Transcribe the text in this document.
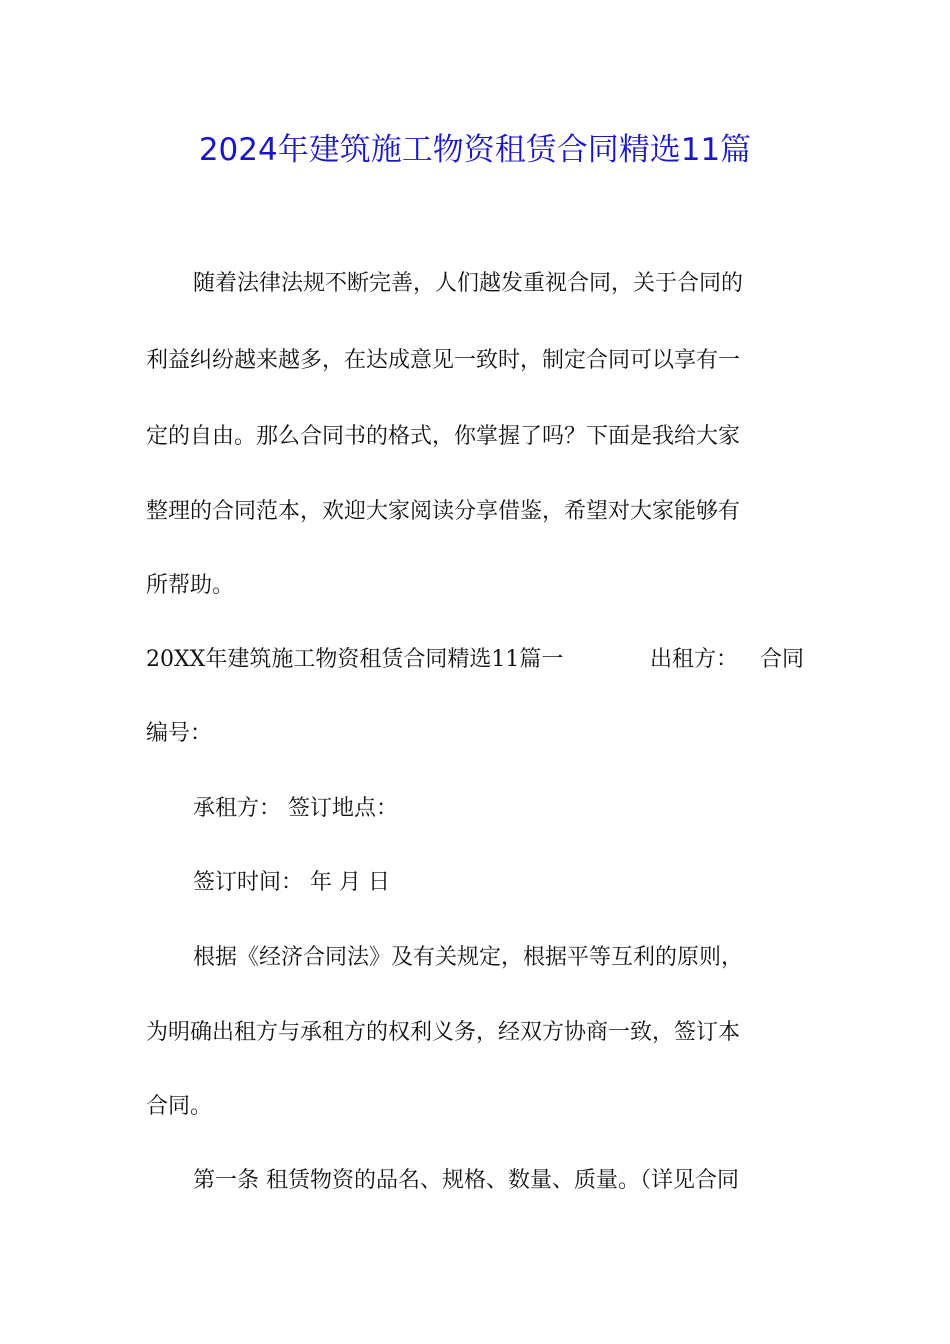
2024年建筑施工物资租赁合同精选11篇
随着法律法规不断完善，人们越发重视合同，关于合同的
利益纠纷越来越多，在达成意见一致时，制定合同可以享有一
定的自由。那么合同书的格式，你掌握了吗？下面是我给大家
整理的合同范本，欢迎大家阅读分享借鉴，希望对大家能够有
所帮助。
20XX年建筑施工物资租赁合同精选11篇一	出租方： 合同
编号：
承租方： 签订地点：
签订时间： 年 月 日
根据《经济合同法》及有关规定，根据平等互利的原则，
为明确出租方与承租方的权利义务，经双方协商一致，签订本
合同。
第一条 租赁物资的品名、规格、数量、质量。（详见合同
